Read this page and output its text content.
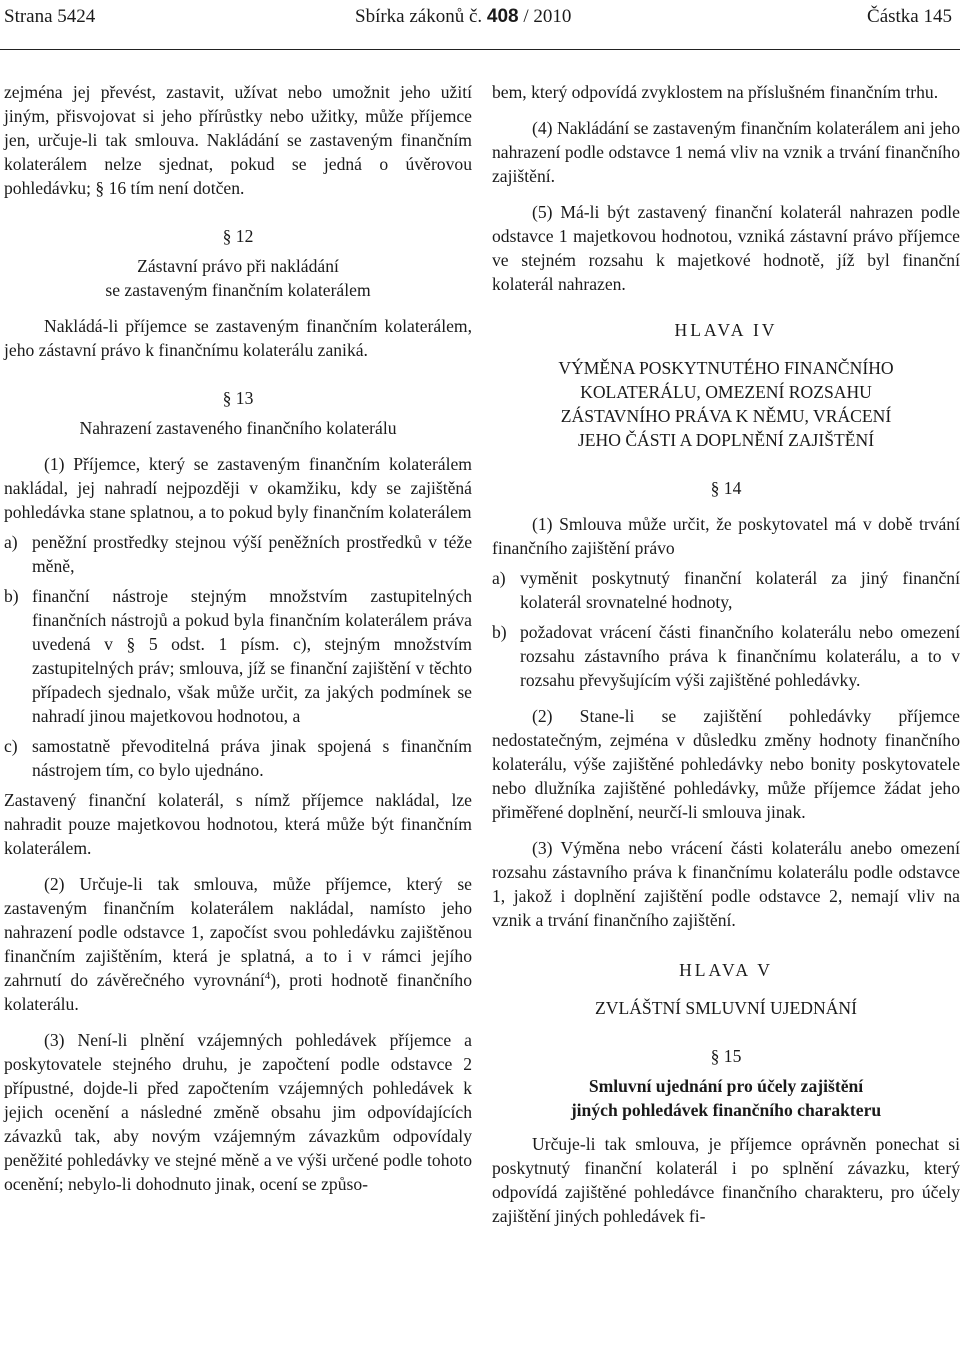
Strana 5424	Sbírka zákonů č. 408 / 2010	Částka 145

zejména jej převést, zastavit, užívat nebo umožnit jeho užití jiným, přisvojovat si jeho přírůstky nebo užitky, může příjemce jen, určuje-li tak smlouva. Nakládání se zastaveným finančním kolaterálem nelze sjednat, pokud se jedná o úvěrovou pohledávku; § 16 tím není dotčen.

§ 12
Zástavní právo při nakládání
se zastaveným finančním kolaterálem

Nakládá-li příjemce se zastaveným finančním kolaterálem, jeho zástavní právo k finančnímu kolaterálu zaniká.

§ 13
Nahrazení zastaveného finančního kolaterálu

(1) Příjemce, který se zastaveným finančním kolaterálem nakládal, jej nahradí nejpozději v okamžiku, kdy se zajištěná pohledávka stane splatnou, a to pokud byly finančním kolaterálem

a) peněžní prostředky stejnou výší peněžních prostředků v téže měně,
b) finanční nástroje stejným množstvím zastupitelných finančních nástrojů a pokud byla finančním kolaterálem práva uvedená v § 5 odst. 1 písm. c), stejným množstvím zastupitelných práv; smlouva, jíž se finanční zajištění v těchto případech sjednalo, však může určit, za jakých podmínek se nahradí jinou majetkovou hodnotou, a
c) samostatně převoditelná práva jinak spojená s finančním nástrojem tím, co bylo ujednáno.

Zastavený finanční kolaterál, s nímž příjemce nakládal, lze nahradit pouze majetkovou hodnotou, která může být finančním kolaterálem.

(2) Určuje-li tak smlouva, může příjemce, který se zastaveným finančním kolaterálem nakládal, namísto jeho nahrazení podle odstavce 1, započíst svou pohledávku zajištěnou finančním zajištěním, která je splatná, a to i v rámci jejího zahrnutí do závěrečného vyrovnání$^4$), proti hodnotě finančního kolaterálu.

(3) Není-li plnění vzájemných pohledávek příjemce a poskytovatele stejného druhu, je započtení podle odstavce 2 přípustné, dojde-li před započtením vzájemných pohledávek k jejich ocenění a následné změně obsahu jim odpovídajících závazků tak, aby novým vzájemným závazkům odpovídaly peněžité pohledávky ve stejné měně a ve výši určené podle tohoto ocenění; nebylo-li dohodnuto jinak, ocení se způso-

bem, který odpovídá zvyklostem na příslušném finančním trhu.

(4) Nakládání se zastaveným finančním kolaterálem ani jeho nahrazení podle odstavce 1 nemá vliv na vznik a trvání finančního zajištění.

(5) Má-li být zastavený finanční kolaterál nahrazen podle odstavce 1 majetkovou hodnotou, vzniká zástavní právo příjemce ve stejném rozsahu k majetkové hodnotě, jíž byl finanční kolaterál nahrazen.

HLAVA IV
VÝMĚNA POSKYTNUTÉHO FINANČNÍHO
KOLATERÁLU, OMEZENÍ ROZSAHU
ZÁSTAVNÍHO PRÁVA K NĚMU, VRÁCENÍ
JEHO ČÁSTI A DOPLNĚNÍ ZAJIŠTĚNÍ
§ 14

(1) Smlouva může určit, že poskytovatel má v době trvání finančního zajištění právo

a) vyměnit poskytnutý finanční kolaterál za jiný finanční kolaterál srovnatelné hodnoty,
b) požadovat vrácení části finančního kolaterálu nebo omezení rozsahu zástavního práva k finančnímu kolaterálu, a to v rozsahu převyšujícím výši zajištěné pohledávky.

(2) Stane-li se zajištění pohledávky příjemce nedostatečným, zejména v důsledku změny hodnoty finančního kolaterálu, výše zajištěné pohledávky nebo bonity poskytovatele nebo dlužníka zajištěné pohledávky, může příjemce žádat jeho přiměřené doplnění, neurčí-li smlouva jinak.

(3) Výměna nebo vrácení části kolaterálu anebo omezení rozsahu zástavního práva k finančnímu kolaterálu podle odstavce 1, jakož i doplnění zajištění podle odstavce 2, nemají vliv na vznik a trvání finančního zajištění.

HLAVA V
ZVLÁŠTNÍ SMLUVNÍ UJEDNÁNÍ
§ 15
Smluvní ujednání pro účely zajištění
jiných pohledávek finančního charakteru

Určuje-li tak smlouva, je příjemce oprávněn ponechat si poskytnutý finanční kolaterál i po splnění závazku, který odpovídá zajištěné pohledávce finančního charakteru, pro účely zajištění jiných pohledávek fi-
